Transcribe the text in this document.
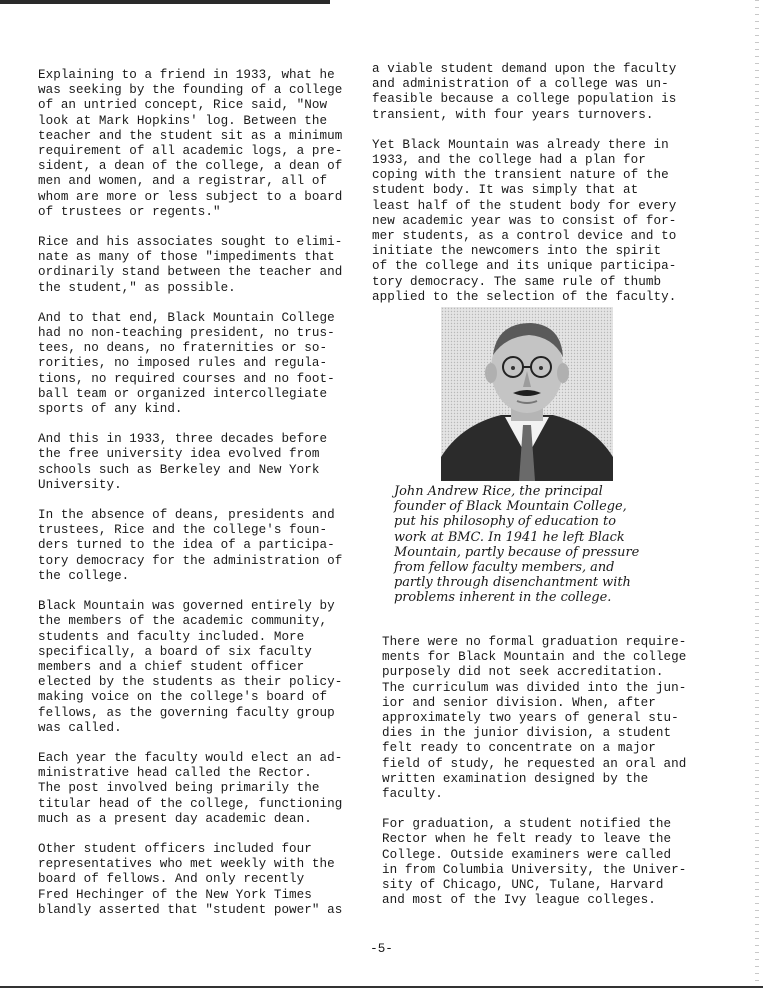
Explaining to a friend in 1933, what he
was seeking by the founding of a college
of an untried concept, Rice said, "Now
look at Mark Hopkins' log. Between the
teacher and the student sit as a minimum
requirement of all academic logs, a pre-
sident, a dean of the college, a dean of
men and women, and a registrar, all of
whom are more or less subject to a board
of trustees or regents."

Rice and his associates sought to elimi-
nate as many of those "impediments that
ordinarily stand between the teacher and
the student," as possible.

And to that end, Black Mountain College
had no non-teaching president, no trus-
tees, no deans, no fraternities or so-
rorities, no imposed rules and regula-
tions, no required courses and no foot-
ball team or organized intercollegiate
sports of any kind.

And this in 1933, three decades before
the free university idea evolved from
schools such as Berkeley and New York
University.

In the absence of deans, presidents and
trustees, Rice and the college's foun-
ders turned to the idea of a participa-
tory democracy for the administration of
the college.

Black Mountain was governed entirely by
the members of the academic community,
students and faculty included. More
specifically, a board of six faculty
members and a chief student officer
elected by the students as their policy-
making voice on the college's board of
fellows, as the governing faculty group
was called.

Each year the faculty would elect an ad-
ministrative head called the Rector.
The post involved being primarily the
titular head of the college, functioning
much as a present day academic dean.

Other student officers included four
representatives who met weekly with the
board of fellows. And only recently
Fred Hechinger of the New York Times
blandly asserted that "student power" as

a viable student demand upon the faculty
and administration of a college was un-
feasible because a college population is
transient, with four years turnovers.

Yet Black Mountain was already there in
1933, and the college had a plan for
coping with the transient nature of the
student body. It was simply that at
least half of the student body for every
new academic year was to consist of for-
mer students, as a control device and to
initiate the newcomers into the spirit
of the college and its unique participa-
tory democracy. The same rule of thumb
applied to the selection of the faculty.

John Andrew Rice, the principal
founder of Black Mountain College,
put his philosophy of education to
work at BMC. In 1941 he left Black
Mountain, partly because of pressure
from fellow faculty members, and
partly through disenchantment with
problems inherent in the college.

There were no formal graduation require-
ments for Black Mountain and the college
purposely did not seek accreditation.
The curriculum was divided into the jun-
ior and senior division. When, after
approximately two years of general stu-
dies in the junior division, a student
felt ready to concentrate on a major
field of study, he requested an oral and
written examination designed by the
faculty.

For graduation, a student notified the
Rector when he felt ready to leave the
College. Outside examiners were called
in from Columbia University, the Univer-
sity of Chicago, UNC, Tulane, Harvard
and most of the Ivy league colleges.

-5-
